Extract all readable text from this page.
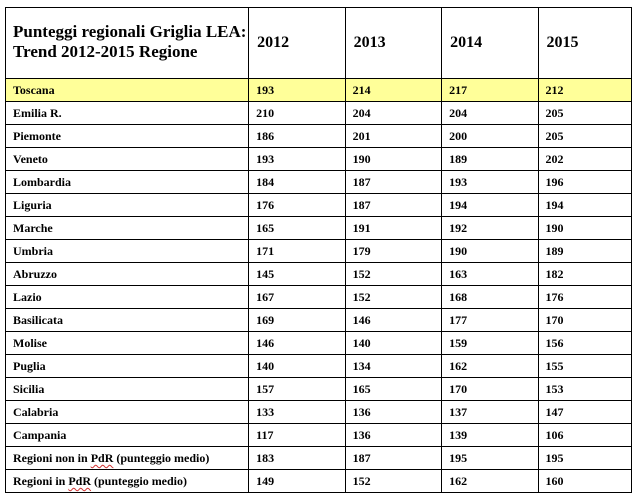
Punteggi regionali Griglia LEA:
Trend 2012-2015 Regione	2012	2013	2014	2015
Toscana	193	214	217	212
Emilia R.	210	204	204	205
Piemonte	186	201	200	205
Veneto	193	190	189	202
Lombardia	184	187	193	196
Liguria	176	187	194	194
Marche	165	191	192	190
Umbria	171	179	190	189
Abruzzo	145	152	163	182
Lazio	167	152	168	176
Basilicata	169	146	177	170
Molise	146	140	159	156
Puglia	140	134	162	155
Sicilia	157	165	170	153
Calabria	133	136	137	147
Campania	117	136	139	106
Regioni non in PdR (punteggio medio)	183	187	195	195
Regioni in PdR (punteggio medio)	149	152	162	160
